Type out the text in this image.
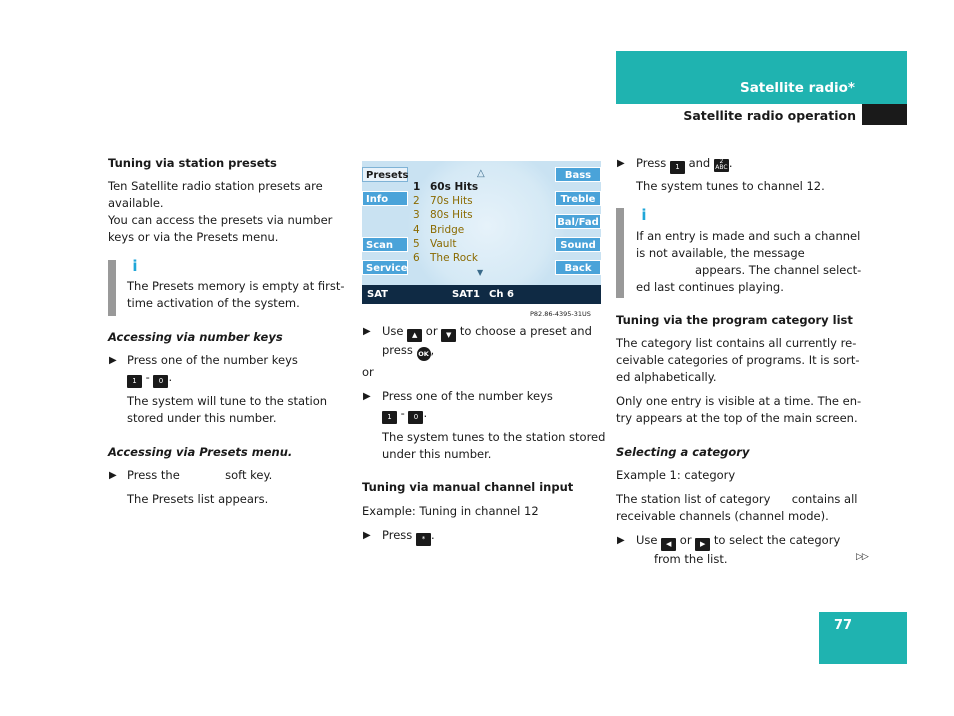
Satellite radio*
Satellite radio operation
Tuning via station presets
Ten Satellite radio station presets are
available.
You can access the presets via number
keys or via the Presets menu.
i
The Presets memory is empty at first-
time activation of the system.
Accessing via number keys
▶ Press one of the number keys
1 - 0 .
The system will tune to the station
stored under this number.
Accessing via Presets menu.
▶ Press the	soft key.
The Presets list appears.
Presets
Info
Scan
Service
Bass
Treble
Bal/Fad
Sound
Back
△
1 60s Hits
2 70s Hits
3 80s Hits
4 Bridge
5 Vault
6 The Rock
▼
SAT	SAT1 Ch 6
P82.86-4395-31US
▶ Use ▲ or ▼ to choose a preset and
press OK ,
or
▶ Press one of the number keys
1 - 0 .
The system tunes to the station stored
under this number.
Tuning via manual channel input
Example: Tuning in channel 12
▶ Press * .
▶ Press 1 and 2
ABC.
The system tunes to channel 12.
i
If an entry is made and such a channel
is not available, the message
appears. The channel select-
ed last continues playing.
Tuning via the program category list
The category list contains all currently re-
ceivable categories of programs. It is sort-
ed alphabetically.
Only one entry is visible at a time. The en-
try appears at the top of the main screen.
Selecting a category
Example 1: category
The station list of category contains all
receivable channels (channel mode).
▶ Use ◀ or ▶ to select the category
from the list.	▷▷
77
